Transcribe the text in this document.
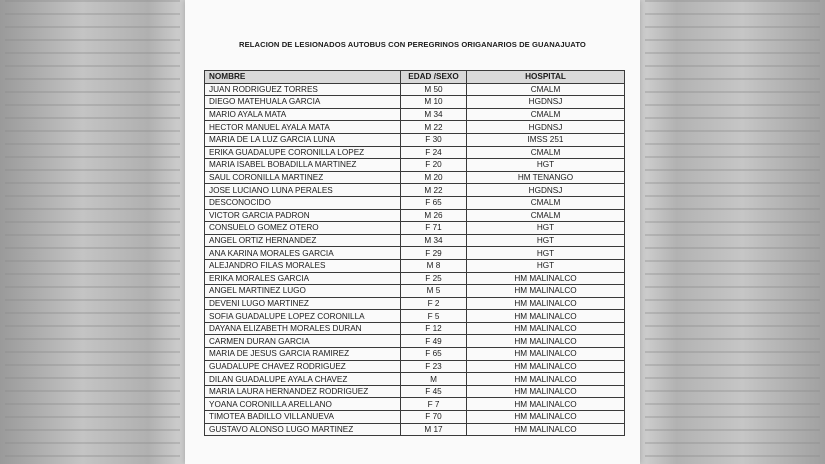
RELACION DE LESIONADOS AUTOBUS CON PEREGRINOS ORIGANARIOS DE GUANAJUATO
NOMBRE	EDAD /SEXO	HOSPITAL
JUAN RODRIGUEZ TORRES	M 50	CMALM
DIEGO MATEHUALA GARCIA	M 10	HGDNSJ
MARIO AYALA MATA	M 34	CMALM
HECTOR MANUEL AYALA MATA	M 22	HGDNSJ
MARIA DE LA LUZ GARCIA LUNA	F 30	IMSS 251
ERIKA GUADALUPE CORONILLA LOPEZ	F 24	CMALM
MARIA ISABEL BOBADILLA MARTINEZ	F 20	HGT
SAUL CORONILLA MARTINEZ	M 20	HM TENANGO
JOSE LUCIANO LUNA PERALES	M 22	HGDNSJ
DESCONOCIDO	F 65	CMALM
VICTOR GARCIA PADRON	M 26	CMALM
CONSUELO GOMEZ OTERO	F 71	HGT
ANGEL ORTIZ HERNANDEZ	M 34	HGT
ANA KARINA MORALES GARCIA	F 29	HGT
ALEJANDRO FILAS MORALES	M 8	HGT
ERIKA MORALES GARCIA	F 25	HM MALINALCO
ANGEL MARTINEZ LUGO	M 5	HM MALINALCO
DEVENI LUGO MARTINEZ	F 2	HM MALINALCO
SOFIA GUADALUPE LOPEZ CORONILLA	F 5	HM MALINALCO
DAYANA ELIZABETH MORALES DURAN	F 12	HM MALINALCO
CARMEN DURAN GARCIA	F 49	HM MALINALCO
MARIA DE JESUS GARCIA RAMIREZ	F 65	HM MALINALCO
GUADALUPE CHAVEZ RODRIGUEZ	F 23	HM MALINALCO
DILAN GUADALUPE AYALA CHAVEZ	M	HM MALINALCO
MARIA LAURA HERNANDEZ RODRIGUEZ	F 45	HM MALINALCO
YOANA CORONILLA ARELLANO	F 7	HM MALINALCO
TIMOTEA BADILLO VILLANUEVA	F 70	HM MALINALCO
GUSTAVO ALONSO LUGO MARTINEZ	M 17	HM MALINALCO
